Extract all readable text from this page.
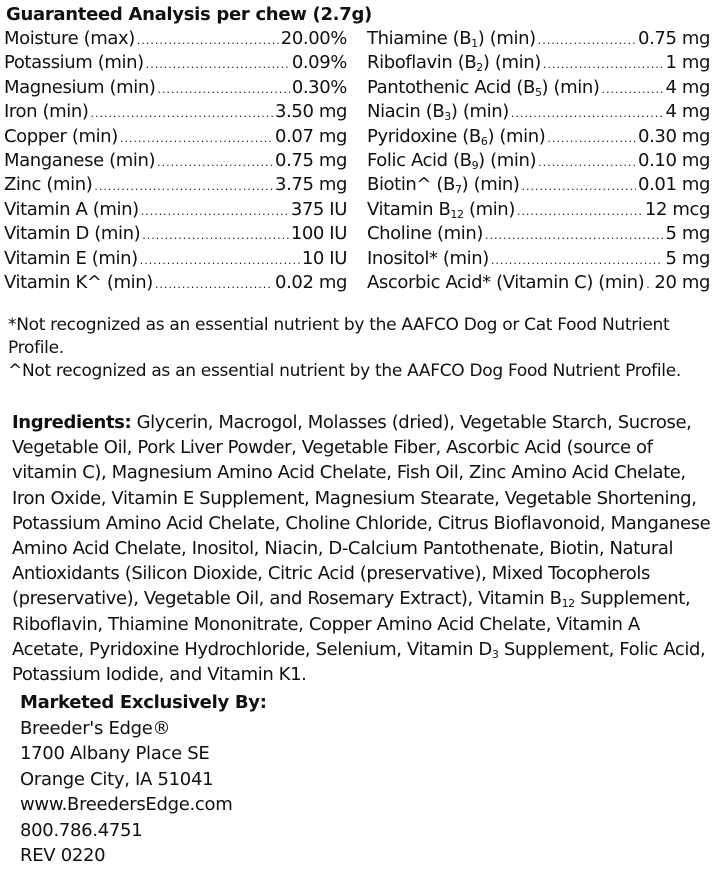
Guaranteed Analysis per chew (2.7g)
Moisture (max) .....	20.00%
Potassium (min) .....	0.09%
Magnesium (min) .....	0.30%
Iron (min) .....	3.50 mg
Copper (min) .....	0.07 mg
Manganese (min) .....	0.75 mg
Zinc (min) .....	3.75 mg
Vitamin A (min) .....	375 IU
Vitamin D (min) .....	100 IU
Vitamin E (min) .....	10 IU
Vitamin K^ (min) .....	0.02 mg
Thiamine $(B_1)$ (min) .....	0.75 mg
Riboflavin $(B_2)$ (min) .....	1 mg
Pantothenic Acid $(B_5)$ (min) .....	4 mg
Niacin $(B_3)$ (min) .....	4 mg
Pyridoxine $(B_6)$ (min) .....	0.30 mg
Folic Acid $(B_9)$ (min) .....	0.10 mg
Biotin^ $(B_7)$ (min) .....	0.01 mg
Vitamin $B_{12}$ (min) .....	12 mcg
Choline (min) .....	5 mg
Inositol* (min) .....	5 mg
Ascorbic Acid* (Vitamin C) (min) ..... 20 mg

*Not recognized as an essential nutrient by the AAFCO Dog or Cat Food Nutrient Profile.

^Not recognized as an essential nutrient by the AAFCO Dog Food Nutrient Profile.

Ingredients: Glycerin, Macrogol, Molasses (dried), Vegetable Starch, Sucrose, Vegetable Oil, Pork Liver Powder, Vegetable Fiber, Ascorbic Acid (source of vitamin C), Magnesium Amino Acid Chelate, Fish Oil, Zinc Amino Acid Chelate, Iron Oxide, Vitamin E Supplement, Magnesium Stearate, Vegetable Shortening, Potassium Amino Acid Chelate, Choline Chloride, Citrus Bioflavonoid, Manganese Amino Acid Chelate, Inositol, Niacin, D-Calcium Pantothenate, Biotin, Natural Antioxidants (Silicon Dioxide, Citric Acid (preservative), Mixed Tocopherols (preservative), Vegetable Oil, and Rosemary Extract), Vitamin $B_{12}$ Supplement, Riboflavin, Thiamine Mononitrate, Copper Amino Acid Chelate, Vitamin A Acetate, Pyridoxine Hydrochloride, Selenium, Vitamin $D_3$ Supplement, Folic Acid, Potassium Iodide, and Vitamin K1.
Marketed Exclusively By:
Breeder's Edge®
1700 Albany Place SE
Orange City, IA 51041
www.BreedersEdge.com
800.786.4751
REV 0220
